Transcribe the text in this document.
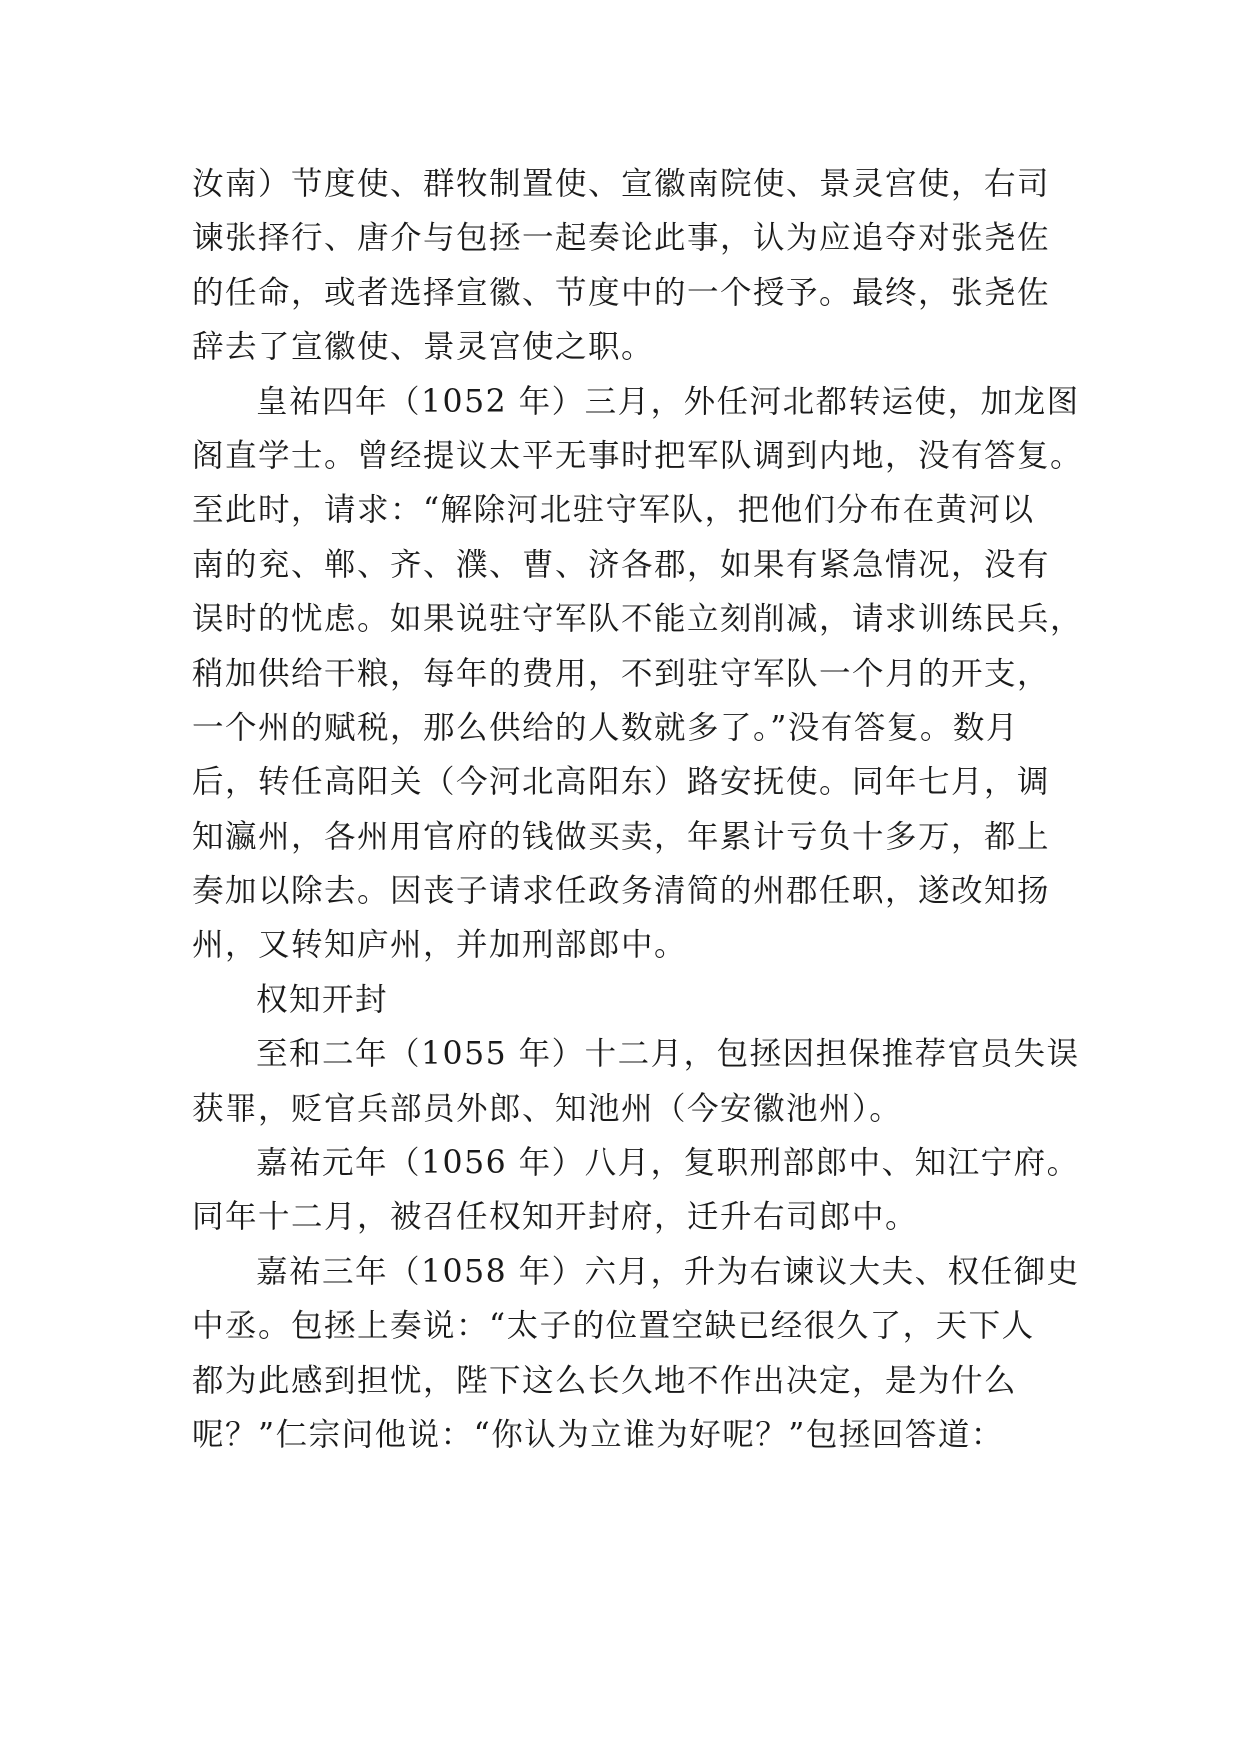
汝南）节度使、群牧制置使、宣徽南院使、景灵宫使，右司
谏张择行、唐介与包拯一起奏论此事，认为应追夺对张尧佐
的任命，或者选择宣徽、节度中的一个授予。最终，张尧佐
辞去了宣徽使、景灵宫使之职。
皇祐四年（1052 年）三月，外任河北都转运使，加龙图
阁直学士。曾经提议太平无事时把军队调到内地，没有答复。
至此时，请求：“解除河北驻守军队，把他们分布在黄河以
南的兖、郸、齐、濮、曹、济各郡，如果有紧急情况，没有
误时的忧虑。如果说驻守军队不能立刻削减，请求训练民兵，
稍加供给干粮，每年的费用，不到驻守军队一个月的开支，
一个州的赋税，那么供给的人数就多了。”没有答复。数月
后，转任高阳关（今河北高阳东）路安抚使。同年七月，调
知瀛州，各州用官府的钱做买卖，年累计亏负十多万，都上
奏加以除去。因丧子请求任政务清简的州郡任职，遂改知扬
州，又转知庐州，并加刑部郎中。
权知开封
至和二年（1055 年）十二月，包拯因担保推荐官员失误
获罪，贬官兵部员外郎、知池州（今安徽池州）。
嘉祐元年（1056 年）八月，复职刑部郎中、知江宁府。
同年十二月，被召任权知开封府，迁升右司郎中。
嘉祐三年（1058 年）六月，升为右谏议大夫、权任御史
中丞。包拯上奏说：“太子的位置空缺已经很久了，天下人
都为此感到担忧，陛下这么长久地不作出决定，是为什么
呢？”仁宗问他说：“你认为立谁为好呢？”包拯回答道：
